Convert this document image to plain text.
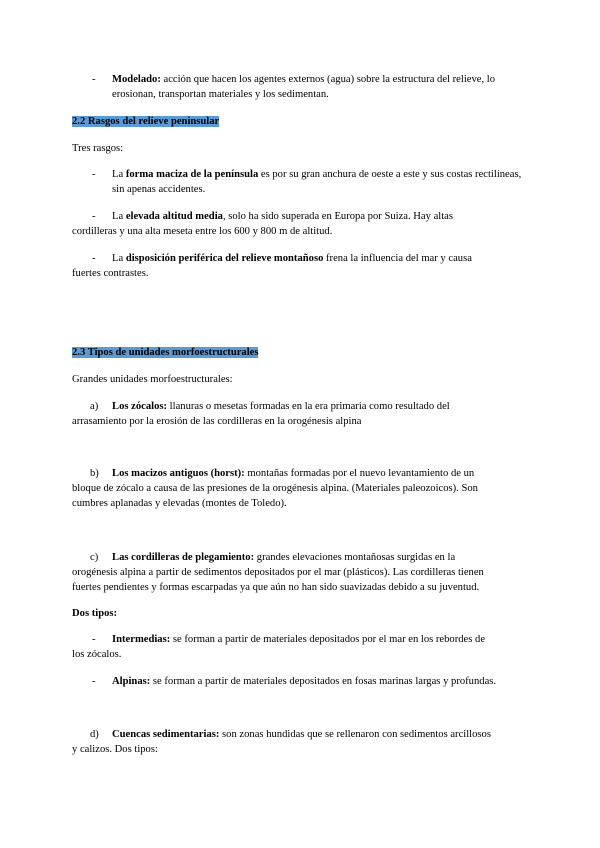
- Modelado: acción que hacen los agentes externos (agua) sobre la estructura del relieve, lo erosionan, transportan materiales y los sedimentan.
2.2 Rasgos del relieve peninsular
Tres rasgos:
- La forma maciza de la península es por su gran anchura de oeste a este y sus costas rectilíneas, sin apenas accidentes.
-	La elevada altitud media, solo ha sido superada en Europa por Suiza. Hay altas cordilleras y una alta meseta entre los 600 y 800 m de altitud.
-	La disposición periférica del relieve montañoso frena la influencia del mar y causa fuertes contrastes.
2.3 Tipos de unidades morfoestructurales
Grandes unidades morfoestructurales:
a)	Los zócalos: llanuras o mesetas formadas en la era primaria como resultado del arrasamiento por la erosión de las cordilleras en la orogénesis alpina
b)	Los macizos antiguos (horst): montañas formadas por el nuevo levantamiento de un bloque de zócalo a causa de las presiones de la orogénesis alpina. (Materiales paleozoicos). Son cumbres aplanadas y elevadas (montes de Toledo).
c)	Las cordilleras de plegamiento: grandes elevaciones montañosas surgidas en la orogénesis alpina a partir de sedimentos depositados por el mar (plásticos). Las cordilleras tienen fuertes pendientes y formas escarpadas ya que aún no han sido suavizadas debido a su juventud.
Dos tipos:
-	Intermedias: se forman a partir de materiales depositados por el mar en los rebordes de los zócalos.
- Alpinas: se forman a partir de materiales depositados en fosas marinas largas y profundas.
d)	Cuencas sedimentarias: son zonas hundidas que se rellenaron con sedimentos arcillosos y calizos. Dos tipos:
